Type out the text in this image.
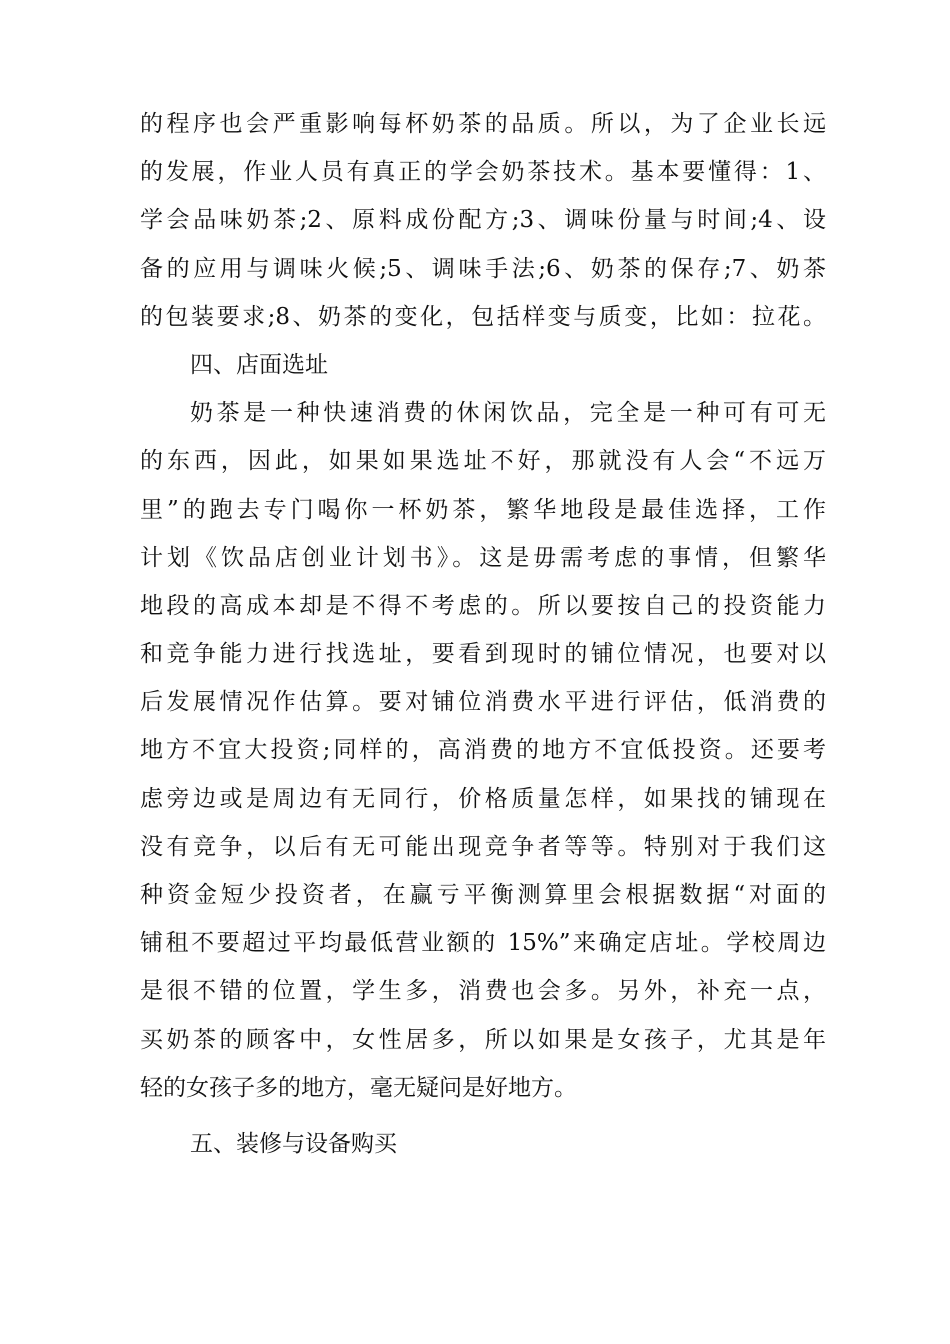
的程序也会严重影响每杯奶茶的品质。所以，为了企业长远
的发展，作业人员有真正的学会奶茶技术。基本要懂得：1、
学会品味奶茶;2、原料成份配方;3、调味份量与时间;4、设
备的应用与调味火候;5、调味手法;6、奶茶的保存;7、奶茶
的包装要求;8、奶茶的变化，包括样变与质变，比如：拉花。
四、店面选址
奶茶是一种快速消费的休闲饮品，完全是一种可有可无
的东西，因此，如果如果选址不好，那就没有人会“不远万
里”的跑去专门喝你一杯奶茶，繁华地段是最佳选择，工作
计划《饮品店创业计划书》。这是毋需考虑的事情，但繁华
地段的高成本却是不得不考虑的。所以要按自己的投资能力
和竞争能力进行找选址，要看到现时的铺位情况，也要对以
后发展情况作估算。要对铺位消费水平进行评估，低消费的
地方不宜大投资;同样的，高消费的地方不宜低投资。还要考
虑旁边或是周边有无同行，价格质量怎样，如果找的铺现在
没有竞争，以后有无可能出现竞争者等等。特别对于我们这
种资金短少投资者，在赢亏平衡测算里会根据数据“对面的
铺租不要超过平均最低营业额的 15%”来确定店址。学校周边
是很不错的位置，学生多，消费也会多。另外，补充一点，
买奶茶的顾客中，女性居多，所以如果是女孩子，尤其是年
轻的女孩子多的地方，毫无疑问是好地方。
五、装修与设备购买
